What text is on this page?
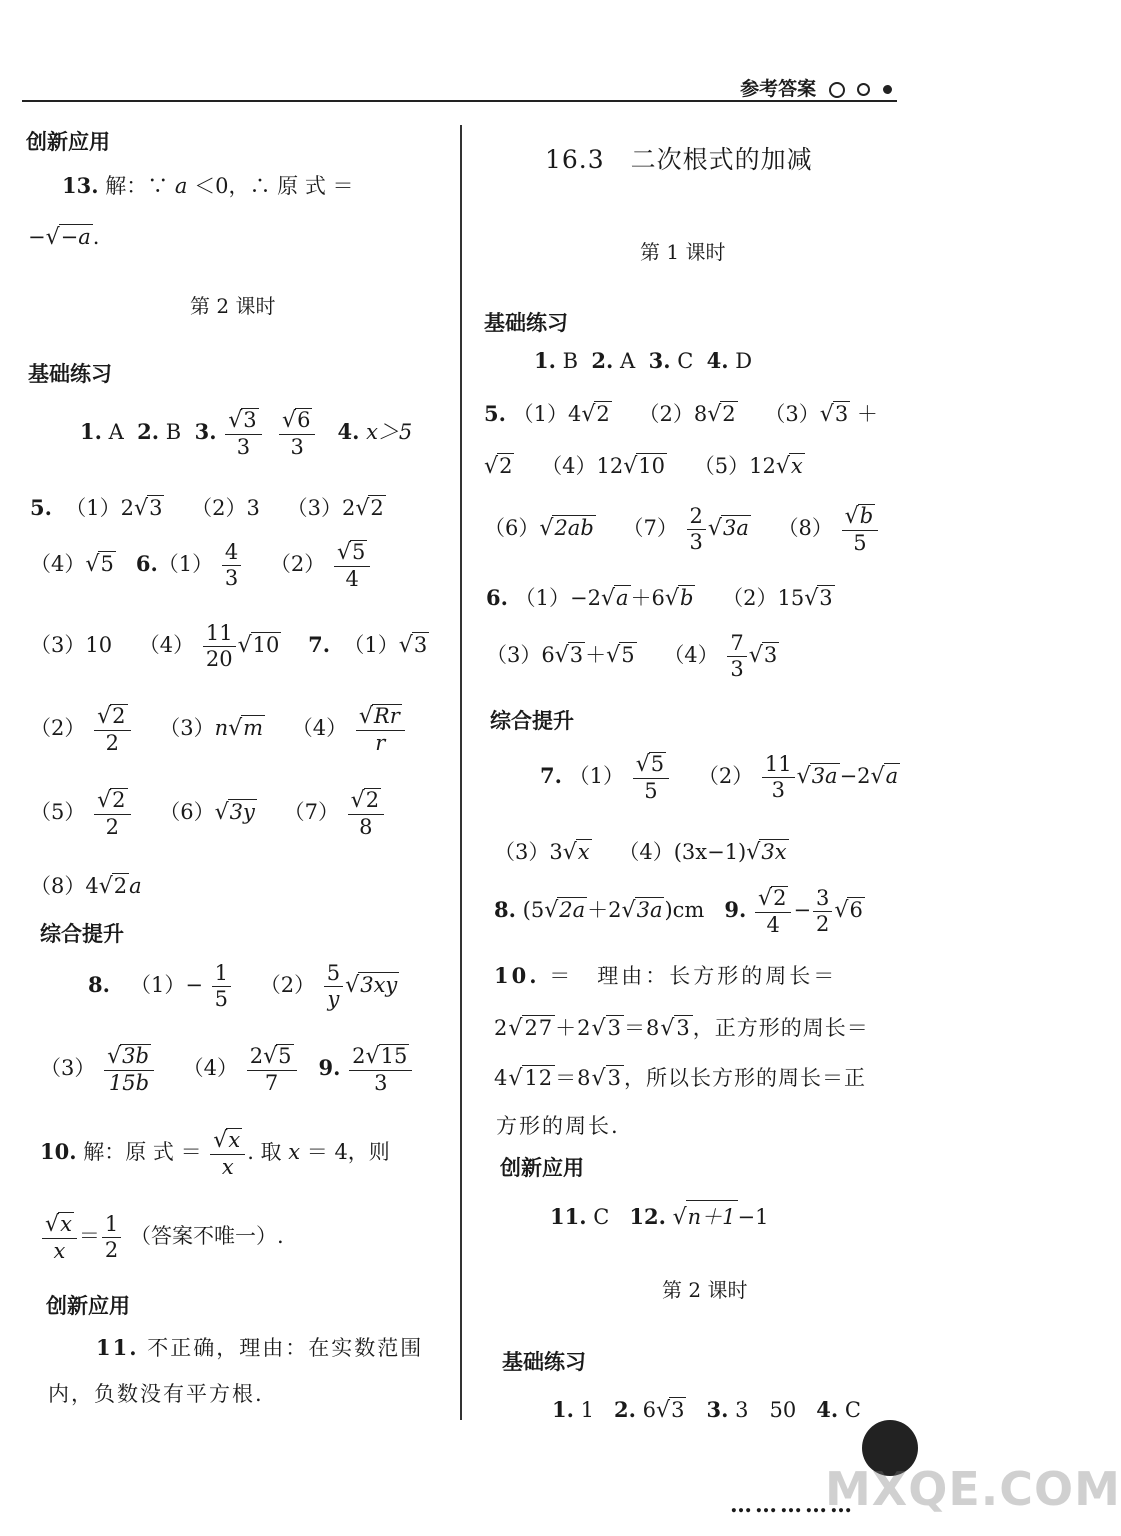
参考答案
创新应用
13. 解：∵ a ＜0，∴ 原 式 ＝
−√−a.
第 2 课时
基础练习
1. A 2. B 3. $\frac{√3}{3}$
$\frac{√6}{3} 4$. x＞5
5. （1）2√3 （2）3 （3）2√2
（4）√5 $6.(1) \frac{4}{3} (2) \frac{√5}{4}$
（3）10 $(4) \frac{11}{20} √10$ 7. （1）√3
$(2) \frac{√2}{2} (3)n√m$ $(4) \frac{√Rr}{r}$
$(5) \frac{√2}{2} (6)√3y$ $(7) \frac{√2}{8}$
（8）4√2a
综合提升
8. $(1)- \frac{1}{5} (2) \frac{5}{y} √3xy$
$(3) \frac{√3b}{15b} (4) \frac{2√5}{7} 9$. $\frac{2√15}{3}$
10. 解：原 式 ＝ $\frac{√x}{x}$ . 取 x ＝ 4，则
$\frac{√x}{x} = \frac{1}{2}$ （答案不唯一）.
创新应用
11. 不正确，理由：在实数范围
内，负数没有平方根.
16.3　二次根式的加减
第 1 课时
基础练习
1. B 2. A 3. C 4. D
5. （1）4√2 （2）8√2 （3）√3 ＋
√2 （4）12√10 （5）12√x
（6）√2ab $(7) \frac{2}{3} √3a$ $(8) \frac{√b}{5}$
6. （1）−2√a＋6√b （2）15√3
（3）6√3＋√5 $(4) \frac{7}{3} √3$
综合提升
7. $(1) \frac{√5}{5} (2) \frac{11}{3} √3a-2√a$
（3）3√x （4）(3x−1)√3x
8. (5√2a＋2√3a)cm 9. $\frac{√2}{4} - \frac{3}{2} √6$
10. ＝　理由：长方形的周长＝
2√27＋2√3＝8√3，正方形的周长＝
4√12＝8√3，所以长方形的周长＝正
方形的周长.
创新应用
11. C 12. √n＋1−1
第 2 课时
基础练习
1. 1 2. 6√3 3. 3　50 4. C
……………
MXQE.COM
